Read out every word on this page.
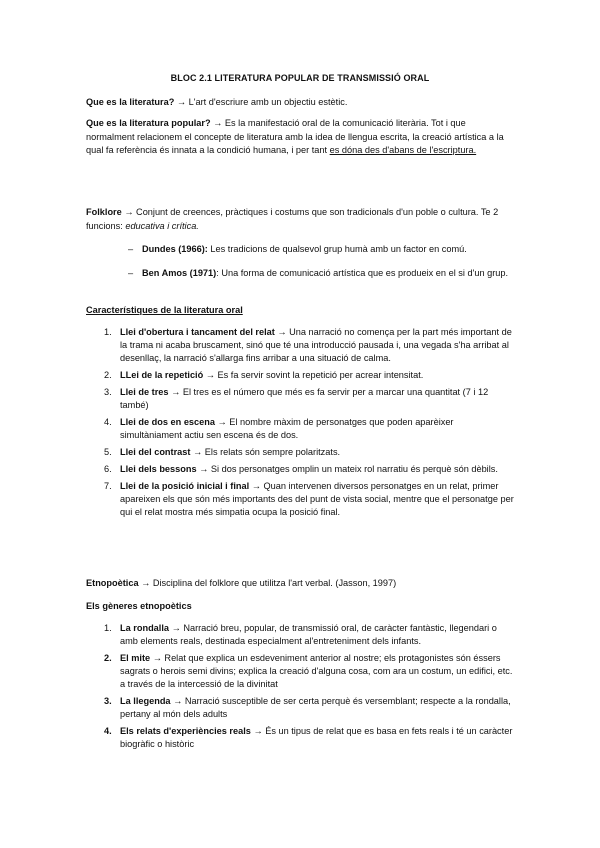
BLOC 2.1 LITERATURA POPULAR DE TRANSMISSIÓ ORAL
Que es la literatura? → L'art d'escriure amb un objectiu estètic.
Que es la literatura popular? → Es la manifestació oral de la comunicació literària. Tot i que normalment relacionem el concepte de literatura amb la idea de llengua escrita, la creació artística a la qual fa referència és innata a la condició humana, i per tant es dóna des d'abans de l'escriptura.
Folklore → Conjunt de creences, pràctiques i costums que son tradicionals d'un poble o cultura. Te 2 funcions: educativa i crítica.
– Dundes (1966): Les tradicions de qualsevol grup humà amb un factor en comú.
– Ben Amos (1971): Una forma de comunicació artística que es produeix en el si d'un grup.
Característiques de la literatura oral
1. Llei d'obertura i tancament del relat → Una narració no comença per la part més important de la trama ni acaba bruscament, sinó que té una introducció pausada i, una vegada s'ha arribat al desenllaç, la narració s'allarga fins arribar a una situació de calma.
2. LLei de la repetició → Es fa servir sovint la repetició per acrear intensitat.
3. Llei de tres → El tres es el número que més es fa servir per a marcar una quantitat (7 i 12 també)
4. Llei de dos en escena → El nombre màxim de personatges que poden aparèixer simultàniament actiu sen escena és de dos.
5. Llei del contrast → Els relats són sempre polaritzats.
6. Llei dels bessons → Si dos personatges omplin un mateix rol narratiu és perquè són dèbils.
7. Llei de la posició inicial i final → Quan intervenen diversos personatges en un relat, primer apareixen els que són més importants des del punt de vista social, mentre que el personatge per qui el relat mostra més simpatia ocupa la posició final.
Etnopoètica → Disciplina del folklore que utilitza l'art verbal. (Jasson, 1997)
Els gèneres etnopoètics
1. La rondalla → Narració breu, popular, de transmissió oral, de caràcter fantàstic, llegendari o amb elements reals, destinada especialment al'entreteniment dels infants.
2. El mite → Relat que explica un esdeveniment anterior al nostre; els protagonistes són éssers sagrats o herois semi divins; explica la creació d'alguna cosa, com ara un costum, un edifici, etc. a través de la intercessió de la divinitat
3. La llegenda → Narració susceptible de ser certa perquè és versemblant; respecte a la rondalla, pertany al món dels adults
4. Els relats d'experiències reals → És un tipus de relat que es basa en fets reals i té un caràcter biogràfic o històric
